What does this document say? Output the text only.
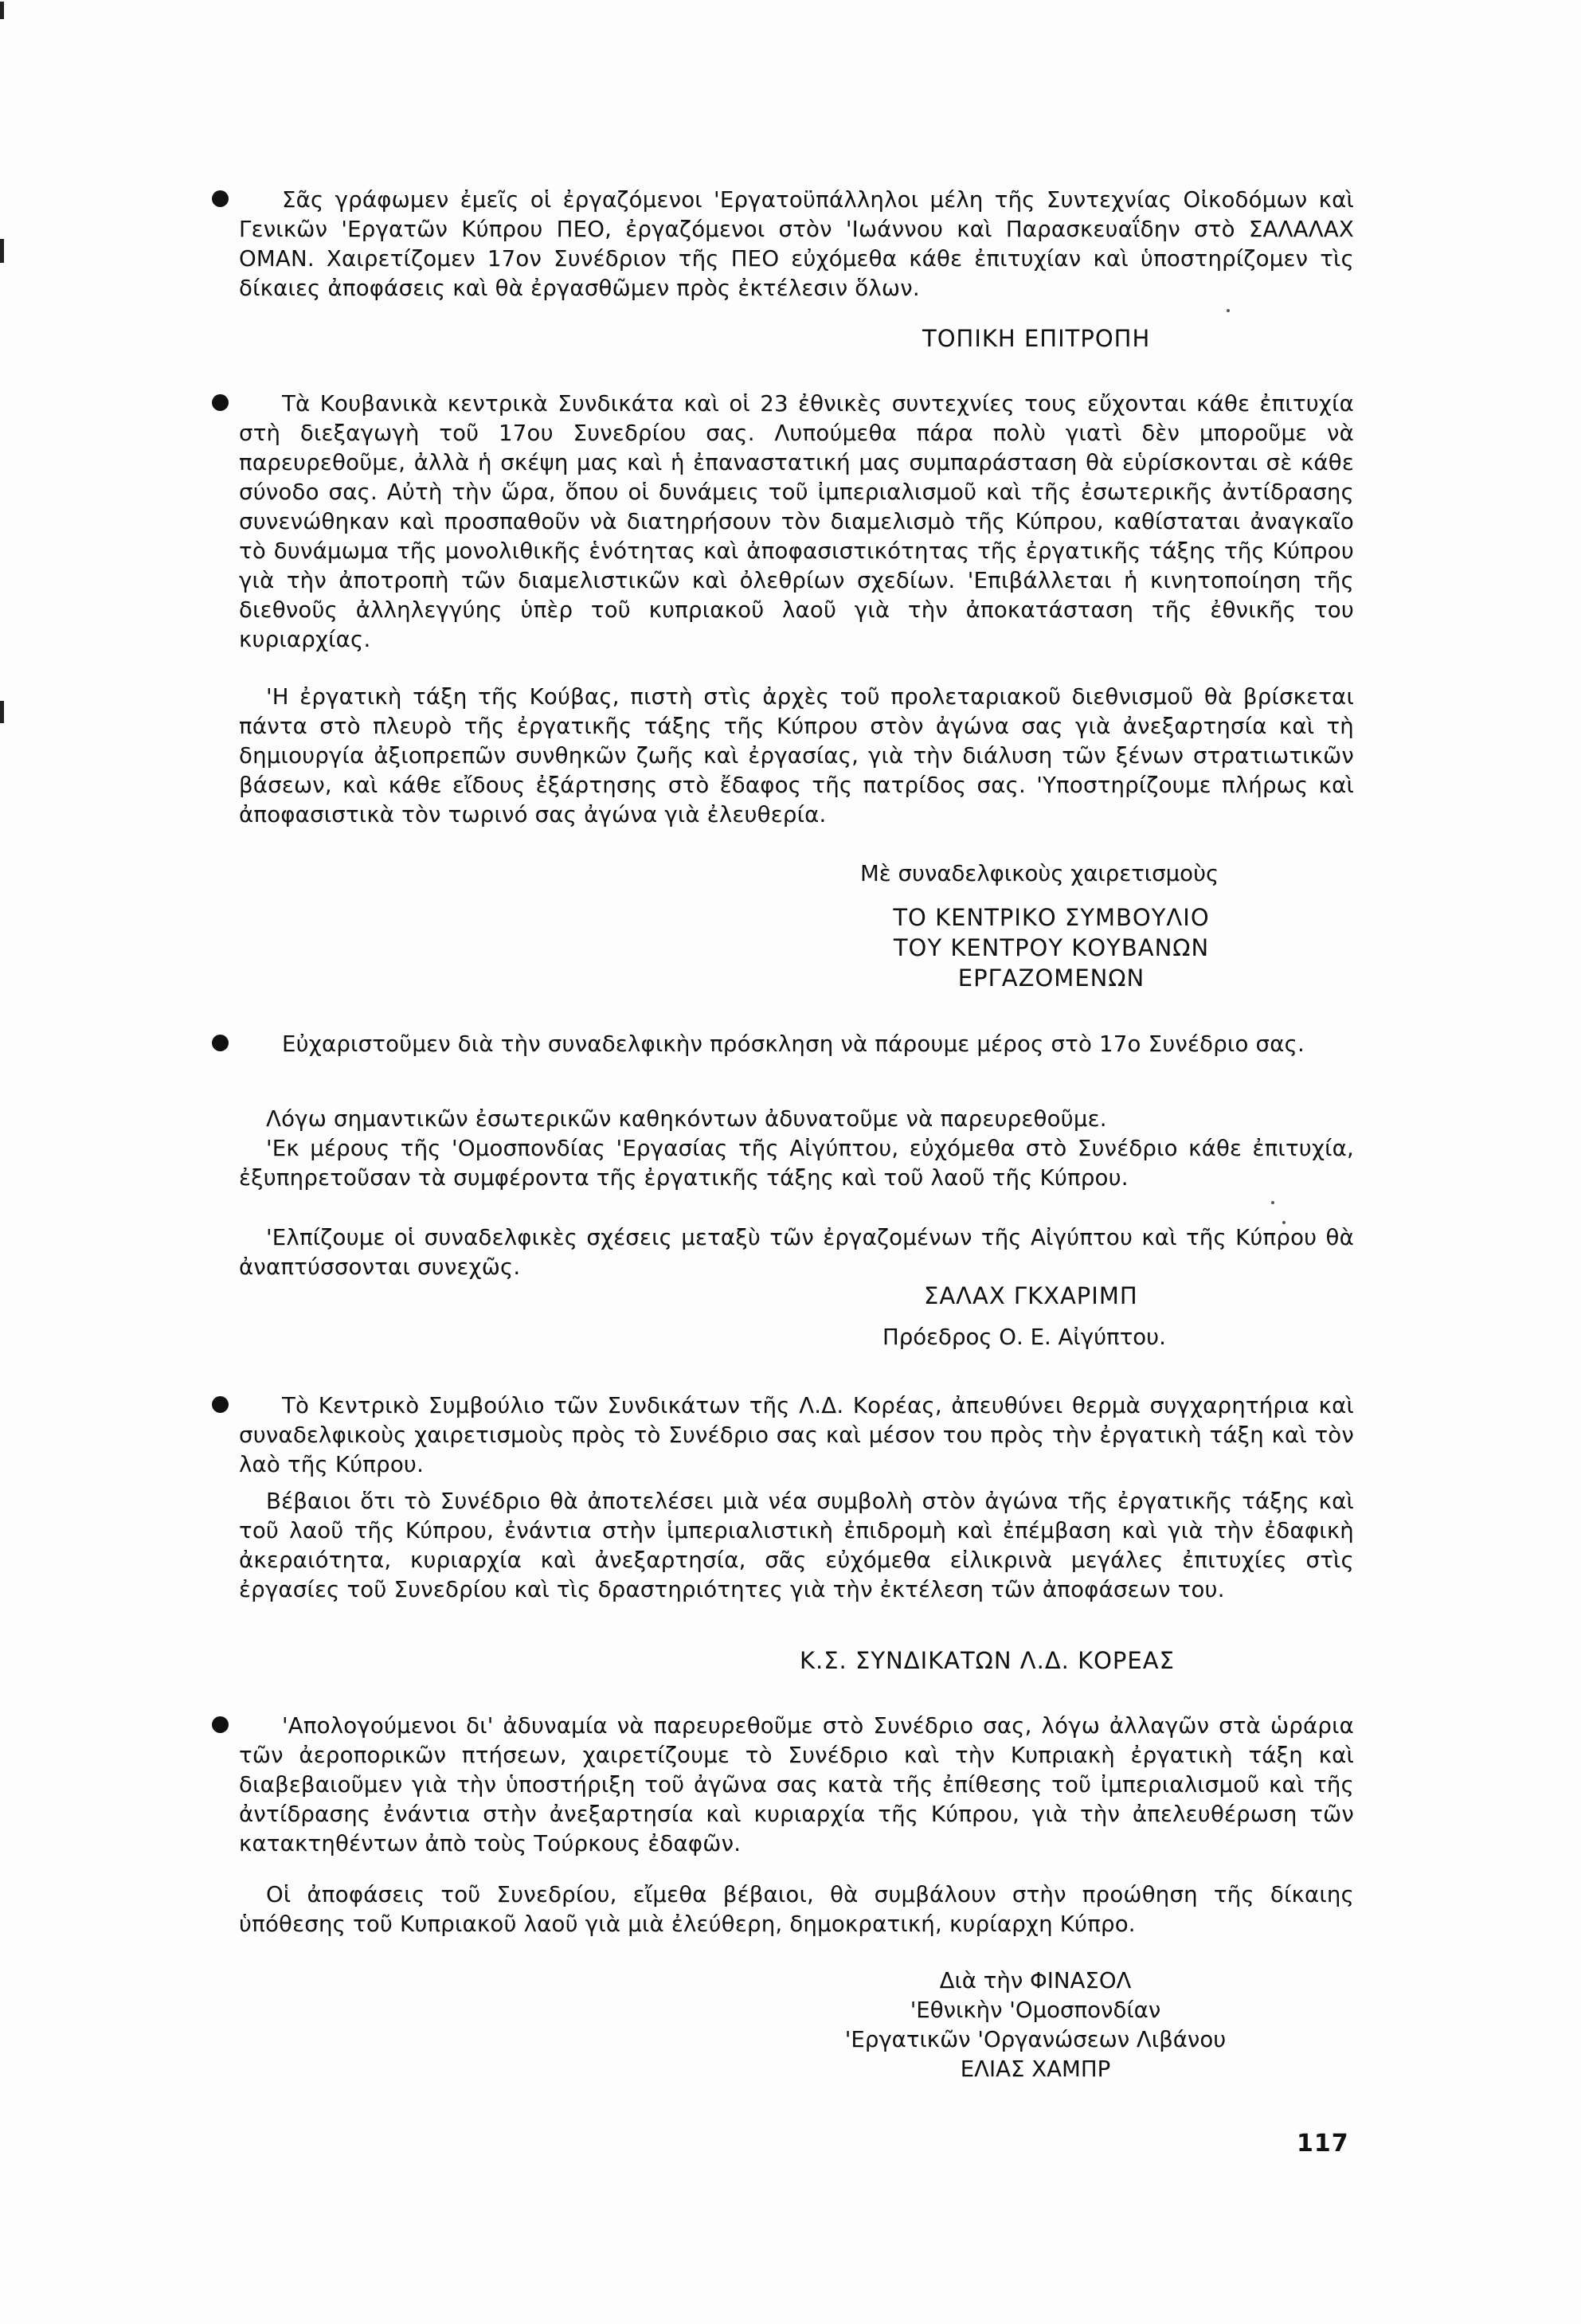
Σᾶς γράφωμεν ἐμεῖς οἱ ἐργαζόμενοι 'Εργατοϋπάλληλοι μέλη τῆς Συντεχνίας Οἰκοδόμων καὶ Γενικῶν 'Εργατῶν Κύπρου ΠΕΟ, ἐργαζόμενοι στὸν 'Ιωάννου καὶ Παρασκευαΐδην στὸ ΣΑΛΑΛΑΧ ΟΜΑΝ. Χαιρετίζομεν 17ον Συνέδριον τῆς ΠΕΟ εὐχόμεθα κάθε ἐπιτυχίαν καὶ ὑποστηρίζομεν τὶς δίκαιες ἀποφάσεις καὶ θὰ ἐργασθῶμεν πρὸς ἐκτέλεσιν ὅλων.

ΤΟΠΙΚΗ ΕΠΙΤΡΟΠΗ

Τὰ Κουβανικὰ κεντρικὰ Συνδικάτα καὶ οἱ 23 ἐθνικὲς συντεχνίες τους εὔχονται κάθε ἐπιτυχία στὴ διεξαγωγὴ τοῦ 17ου Συνεδρίου σας. Λυπούμεθα πάρα πολὺ γιατὶ δὲν μποροῦμε νὰ παρευρεθοῦμε, ἀλλὰ ἡ σκέψη μας καὶ ἡ ἐπαναστατική μας συμπαράσταση θὰ εὑρίσκονται σὲ κάθε σύνοδο σας. Αὐτὴ τὴν ὥρα, ὅπου οἱ δυνάμεις τοῦ ἰμπεριαλισμοῦ καὶ τῆς ἐσωτερικῆς ἀντίδρασης συνενώθηκαν καὶ προσπαθοῦν νὰ διατηρήσουν τὸν διαμελισμὸ τῆς Κύπρου, καθίσταται ἀναγκαῖο τὸ δυνάμωμα τῆς μονολιθικῆς ἑνότητας καὶ ἀποφασιστικότητας τῆς ἐργατικῆς τάξης τῆς Κύπρου γιὰ τὴν ἀποτροπὴ τῶν διαμελιστικῶν καὶ ὀλεθρίων σχεδίων. 'Επιβάλλεται ἡ κινητοποίηση τῆς διεθνοῦς ἀλληλεγγύης ὑπὲρ τοῦ κυπριακοῦ λαοῦ γιὰ τὴν ἀποκατάσταση τῆς ἐθνικῆς του κυριαρχίας.

'Η ἐργατικὴ τάξη τῆς Κούβας, πιστὴ στὶς ἀρχὲς τοῦ προλεταριακοῦ διεθνισμοῦ θὰ βρίσκεται πάντα στὸ πλευρὸ τῆς ἐργατικῆς τάξης τῆς Κύπρου στὸν ἀγώνα σας γιὰ ἀνεξαρτησία καὶ τὴ δημιουργία ἀξιοπρεπῶν συνθηκῶν ζωῆς καὶ ἐργασίας, γιὰ τὴν διάλυση τῶν ξένων στρατιωτικῶν βάσεων, καὶ κάθε εἴδους ἐξάρτησης στὸ ἔδαφος τῆς πατρίδος σας. 'Υποστηρίζουμε πλήρως καὶ ἀποφασιστικὰ τὸν τωρινό σας ἀγώνα γιὰ ἐλευθερία.

Μὲ συναδελφικοὺς χαιρετισμοὺς
ΤΟ ΚΕΝΤΡΙΚΟ ΣΥΜΒΟΥΛΙΟ
ΤΟΥ ΚΕΝΤΡΟΥ ΚΟΥΒΑΝΩΝ
ΕΡΓΑΖΟΜΕΝΩΝ

Εὐχαριστοῦμεν διὰ τὴν συναδελφικὴν πρόσκληση νὰ πάρουμε μέρος στὸ 17ο Συνέδριο σας.

Λόγω σημαντικῶν ἐσωτερικῶν καθηκόντων ἀδυνατοῦμε νὰ παρευρεθοῦμε.

'Εκ μέρους τῆς 'Ομοσπονδίας 'Εργασίας τῆς Αἰγύπτου, εὐχόμεθα στὸ Συνέδριο κάθε ἐπιτυχία, ἐξυπηρετοῦσαν τὰ συμφέροντα τῆς ἐργατικῆς τάξης καὶ τοῦ λαοῦ τῆς Κύπρου.

'Ελπίζουμε οἱ συναδελφικὲς σχέσεις μεταξὺ τῶν ἐργαζομένων τῆς Αἰγύπτου καὶ τῆς Κύπρου θὰ ἀναπτύσσονται συνεχῶς.

ΣΑΛΑΧ ΓΚΧΑΡΙΜΠ
Πρόεδρος Ο. Ε. Αἰγύπτου.

Τὸ Κεντρικὸ Συμβούλιο τῶν Συνδικάτων τῆς Λ.Δ. Κορέας, ἀπευθύνει θερμὰ συγχαρητήρια καὶ συναδελφικοὺς χαιρετισμοὺς πρὸς τὸ Συνέδριο σας καὶ μέσον του πρὸς τὴν ἐργατικὴ τάξη καὶ τὸν λαὸ τῆς Κύπρου.

Βέβαιοι ὅτι τὸ Συνέδριο θὰ ἀποτελέσει μιὰ νέα συμβολὴ στὸν ἀγώνα τῆς ἐργατικῆς τάξης καὶ τοῦ λαοῦ τῆς Κύπρου, ἐνάντια στὴν ἰμπεριαλιστικὴ ἐπιδρομὴ καὶ ἐπέμβαση καὶ γιὰ τὴν ἐδαφικὴ ἀκεραιότητα, κυριαρχία καὶ ἀνεξαρτησία, σᾶς εὐχόμεθα εἰλικρινὰ μεγάλες ἐπιτυχίες στὶς ἐργασίες τοῦ Συνεδρίου καὶ τὶς δραστηριότητες γιὰ τὴν ἐκτέλεση τῶν ἀποφάσεων του.

Κ.Σ. ΣΥΝΔΙΚΑΤΩΝ Λ.Δ. ΚΟΡΕΑΣ

'Απολογούμενοι δι' ἀδυναμία νὰ παρευρεθοῦμε στὸ Συνέδριο σας, λόγω ἀλλαγῶν στὰ ὡράρια τῶν ἀεροπορικῶν πτήσεων, χαιρετίζουμε τὸ Συνέδριο καὶ τὴν Κυπριακὴ ἐργατικὴ τάξη καὶ διαβεβαιοῦμεν γιὰ τὴν ὑποστήριξη τοῦ ἀγῶνα σας κατὰ τῆς ἐπίθεσης τοῦ ἰμπεριαλισμοῦ καὶ τῆς ἀντίδρασης ἐνάντια στὴν ἀνεξαρτησία καὶ κυριαρχία τῆς Κύπρου, γιὰ τὴν ἀπελευθέρωση τῶν κατακτηθέντων ἀπὸ τοὺς Τούρκους ἐδαφῶν.

Οἱ ἀποφάσεις τοῦ Συνεδρίου, εἴμεθα βέβαιοι, θὰ συμβάλουν στὴν προώθηση τῆς δίκαιης ὑπόθεσης τοῦ Κυπριακοῦ λαοῦ γιὰ μιὰ ἐλεύθερη, δημοκρατική, κυρίαρχη Κύπρο.

Διὰ τὴν ΦΙΝΑΣΟΛ
'Εθνικὴν 'Ομοσπονδίαν
'Εργατικῶν 'Οργανώσεων Λιβάνου
ΕΛΙΑΣ ΧΑΜΠΡ
117
